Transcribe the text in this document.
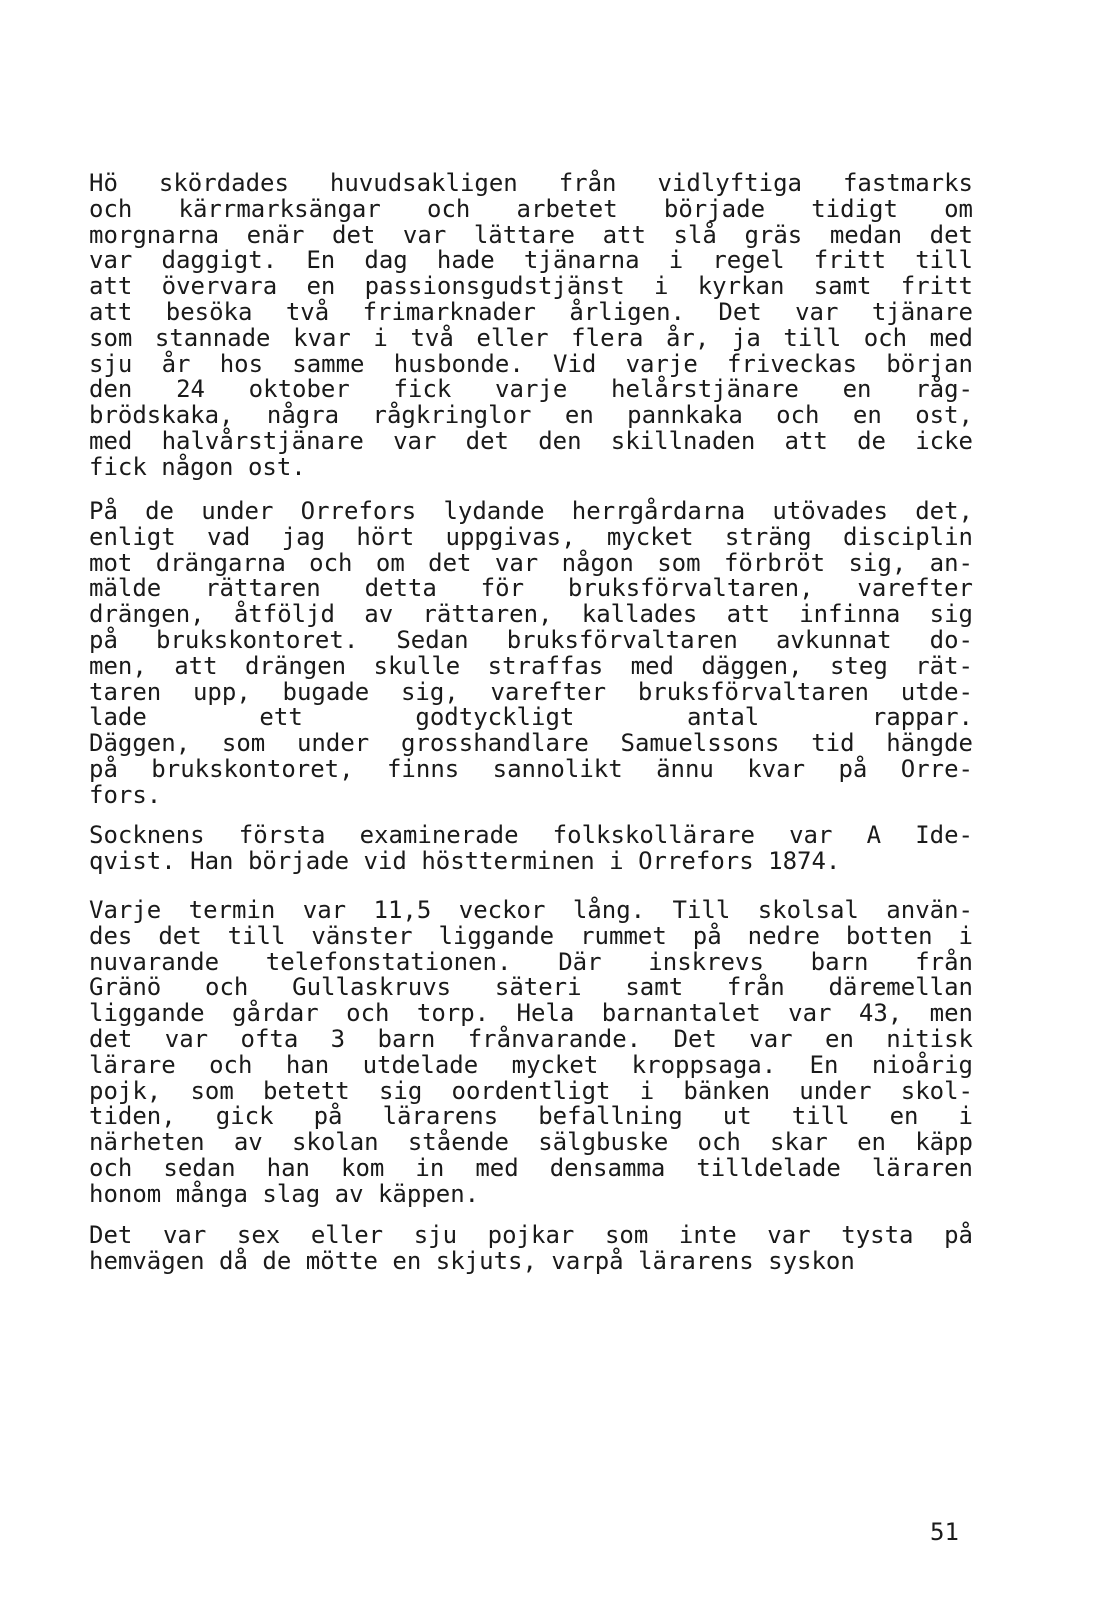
Hö skördades huvudsakligen från vidlyftiga fastmarks
och kärrmarksängar och arbetet började tidigt om
morgnarna enär det var lättare att slå gräs medan det
var daggigt. En dag hade tjänarna i regel fritt till
att övervara en passionsgudstjänst i kyrkan samt fritt
att besöka två frimarknader årligen. Det var tjänare
som stannade kvar i två eller flera år, ja till och med
sju år hos samme husbonde. Vid varje friveckas början
den 24 oktober fick varje helårstjänare en råg-
brödskaka, några rågkringlor en pannkaka och en ost,
med halvårstjänare var det den skillnaden att de icke
fick någon ost.
På de under Orrefors lydande herrgårdarna utövades det,
enligt vad jag hört uppgivas, mycket sträng disciplin
mot drängarna och om det var någon som förbröt sig, an-
mälde rättaren detta för bruksförvaltaren, varefter
drängen, åtföljd av rättaren, kallades att infinna sig
på brukskontoret. Sedan bruksförvaltaren avkunnat do-
men, att drängen skulle straffas med däggen, steg rät-
taren upp, bugade sig, varefter bruksförvaltaren utde-
lade ett godtyckligt antal rappar.
Däggen, som under grosshandlare Samuelssons tid hängde
på brukskontoret, finns sannolikt ännu kvar på Orre-
fors.
Socknens första examinerade folkskollärare var A Ide-
qvist. Han började vid höstterminen i Orrefors 1874.
Varje termin var 11,5 veckor lång. Till skolsal använ-
des det till vänster liggande rummet på nedre botten i
nuvarande telefonstationen. Där inskrevs barn från
Gränö och Gullaskruvs säteri samt från däremellan
liggande gårdar och torp. Hela barnantalet var 43, men
det var ofta 3 barn frånvarande. Det var en nitisk
lärare och han utdelade mycket kroppsaga. En nioårig
pojk, som betett sig oordentligt i bänken under skol-
tiden, gick på lärarens befallning ut till en i
närheten av skolan stående sälgbuske och skar en käpp
och sedan han kom in med densamma tilldelade läraren
honom många slag av käppen.
Det var sex eller sju pojkar som inte var tysta på
hemvägen då de mötte en skjuts, varpå lärarens syskon
51
